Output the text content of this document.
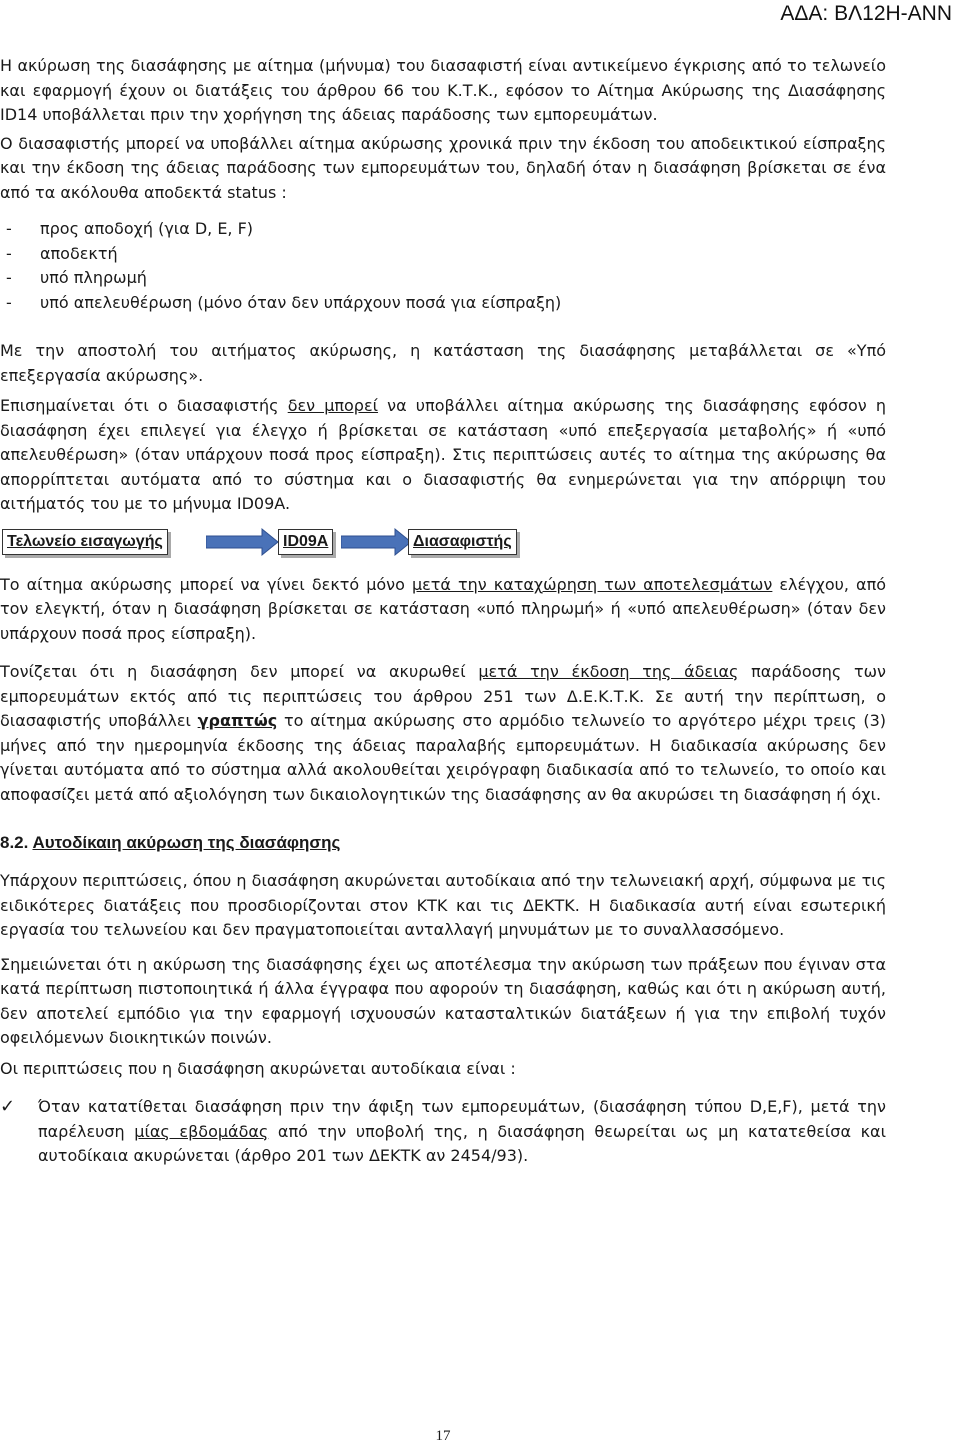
ΑΔΑ: ΒΛ12Η-ΑΝΝ

Η ακύρωση της διασάφησης με αίτημα (μήνυμα) του διασαφιστή είναι αντικείμενο έγκρισης από το τελωνείο και εφαρμογή έχουν οι διατάξεις του άρθρου 66 του Κ.Τ.Κ., εφόσον το Αίτημα Ακύρωσης της Διασάφησης ID14 υποβάλλεται πριν την χορήγηση της άδειας παράδοσης των εμπορευμάτων.

Ο διασαφιστής μπορεί να υποβάλλει αίτημα ακύρωσης χρονικά πριν την έκδοση του αποδεικτικού είσπραξης και την έκδοση της άδειας παράδοσης των εμπορευμάτων του, δηλαδή όταν η διασάφηση βρίσκεται σε ένα από τα ακόλουθα αποδεκτά status :

- προς αποδοχή (για D, E, F)
- αποδεκτή
- υπό πληρωμή
- υπό απελευθέρωση (μόνο όταν δεν υπάρχουν ποσά για είσπραξη)

Με την αποστολή του αιτήματος ακύρωσης, η κατάσταση της διασάφησης μεταβάλλεται σε «Υπό επεξεργασία ακύρωσης».

Επισημαίνεται ότι ο διασαφιστής δεν μπορεί να υποβάλλει αίτημα ακύρωσης της διασάφησης εφόσον η διασάφηση έχει επιλεγεί για έλεγχο ή βρίσκεται σε κατάσταση «υπό επεξεργασία μεταβολής» ή «υπό απελευθέρωση» (όταν υπάρχουν ποσά προς είσπραξη). Στις περιπτώσεις αυτές το αίτημα της ακύρωσης θα απορρίπτεται αυτόματα από το σύστημα και ο διασαφιστής θα ενημερώνεται για την απόρριψη του αιτήματός του με το μήνυμα ID09A.

Τελωνείο εισαγωγής	ID09A	Διασαφιστής

Το αίτημα ακύρωσης μπορεί να γίνει δεκτό μόνο μετά την καταχώρηση των αποτελεσμάτων ελέγχου, από τον ελεγκτή, όταν η διασάφηση βρίσκεται σε κατάσταση «υπό πληρωμή» ή «υπό απελευθέρωση» (όταν δεν υπάρχουν ποσά προς είσπραξη).

Τονίζεται ότι η διασάφηση δεν μπορεί να ακυρωθεί μετά την έκδοση της άδειας παράδοσης των εμπορευμάτων εκτός από τις περιπτώσεις του άρθρου 251 των Δ.Ε.Κ.Τ.Κ. Σε αυτή την περίπτωση, ο διασαφιστής υποβάλλει γραπτώς το αίτημα ακύρωσης στο αρμόδιο τελωνείο το αργότερο μέχρι τρεις (3) μήνες από την ημερομηνία έκδοσης της άδειας παραλαβής εμπορευμάτων. Η διαδικασία ακύρωσης δεν γίνεται αυτόματα από το σύστημα αλλά ακολουθείται χειρόγραφη διαδικασία από το τελωνείο, το οποίο και αποφασίζει μετά από αξιολόγηση των δικαιολογητικών της διασάφησης αν θα ακυρώσει τη διασάφηση ή όχι.

8.2. Αυτοδίκαιη ακύρωση της διασάφησης

Υπάρχουν περιπτώσεις, όπου η διασάφηση ακυρώνεται αυτοδίκαια από την τελωνειακή αρχή, σύμφωνα με τις ειδικότερες διατάξεις που προσδιορίζονται στον ΚΤΚ και τις ΔΕΚΤΚ. Η διαδικασία αυτή είναι εσωτερική εργασία του τελωνείου και δεν πραγματοποιείται ανταλλαγή μηνυμάτων με το συναλλασσόμενο.

Σημειώνεται ότι η ακύρωση της διασάφησης έχει ως αποτέλεσμα την ακύρωση των πράξεων που έγιναν στα κατά περίπτωση πιστοποιητικά ή άλλα έγγραφα που αφορούν τη διασάφηση, καθώς και ότι η ακύρωση αυτή, δεν αποτελεί εμπόδιο για την εφαρμογή ισχυουσών κατασταλτικών διατάξεων ή για την επιβολή τυχόν οφειλόμενων διοικητικών ποινών.

Οι περιπτώσεις που η διασάφηση ακυρώνεται αυτοδίκαια είναι :

✓ Όταν κατατίθεται διασάφηση πριν την άφιξη των εμπορευμάτων, (διασάφηση τύπου D,E,F), μετά την παρέλευση μίας εβδομάδας από την υποβολή της, η διασάφηση θεωρείται ως μη κατατεθείσα και αυτοδίκαια ακυρώνεται (άρθρο 201 των ΔΕΚΤΚ αν 2454/93).
17
